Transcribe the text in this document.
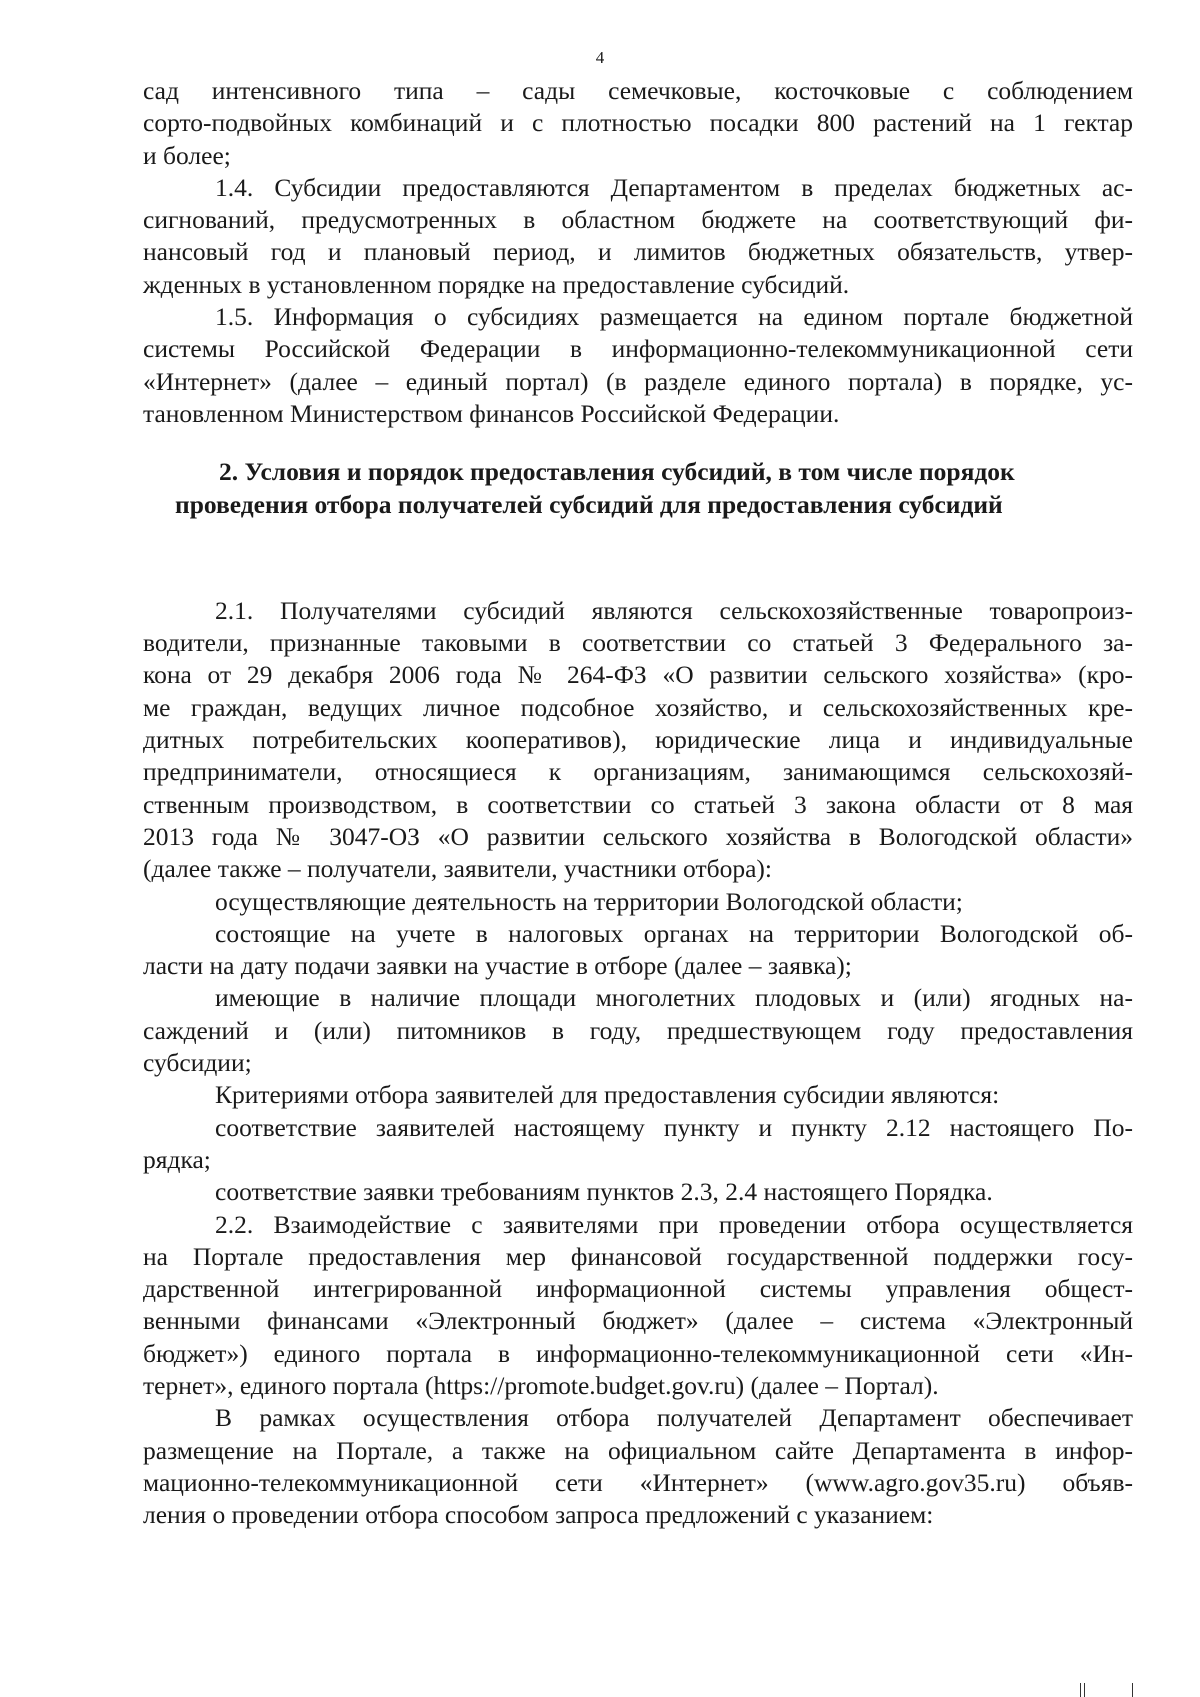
4
сад интенсивного типа – сады семечковые, косточковые с соблюдением
сорто-подвойных комбинаций и с плотностью посадки 800 растений на 1 гектар
и более;
1.4. Субсидии предоставляются Департаментом в пределах бюджетных ас-
сигнований, предусмотренных в областном бюджете на соответствующий фи-
нансовый год и плановый период, и лимитов бюджетных обязательств, утвер-
жденных в установленном порядке на предоставление субсидий.
1.5. Информация о субсидиях размещается на едином портале бюджетной
системы Российской Федерации в информационно-телекоммуникационной сети
«Интернет» (далее – единый портал) (в разделе единого портала) в порядке, ус-
тановленном Министерством финансов Российской Федерации.
2. Условия и порядок предоставления субсидий, в том числе порядок
проведения отбора получателей субсидий для предоставления субсидий
2.1. Получателями субсидий являются сельскохозяйственные товаропроиз-
водители, признанные таковыми в соответствии со статьей 3 Федерального за-
кона от 29 декабря 2006 года № 264-ФЗ «О развитии сельского хозяйства» (кро-
ме граждан, ведущих личное подсобное хозяйство, и сельскохозяйственных кре-
дитных потребительских кооперативов), юридические лица и индивидуальные
предприниматели, относящиеся к организациям, занимающимся сельскохозяй-
ственным производством, в соответствии со статьей 3 закона области от 8 мая
2013 года № 3047-ОЗ «О развитии сельского хозяйства в Вологодской области»
(далее также – получатели, заявители, участники отбора):
осуществляющие деятельность на территории Вологодской области;
состоящие на учете в налоговых органах на территории Вологодской об-
ласти на дату подачи заявки на участие в отборе (далее – заявка);
имеющие в наличие площади многолетних плодовых и (или) ягодных на-
саждений и (или) питомников в году, предшествующем году предоставления
субсидии;
Критериями отбора заявителей для предоставления субсидии являются:
соответствие заявителей настоящему пункту и пункту 2.12 настоящего По-
рядка;
соответствие заявки требованиям пунктов 2.3, 2.4 настоящего Порядка.
2.2. Взаимодействие с заявителями при проведении отбора осуществляется
на Портале предоставления мер финансовой государственной поддержки госу-
дарственной интегрированной информационной системы управления общест-
венными финансами «Электронный бюджет» (далее – система «Электронный
бюджет») единого портала в информационно-телекоммуникационной сети «Ин-
тернет», единого портала (https://promote.budget.gov.ru) (далее – Портал).
В рамках осуществления отбора получателей Департамент обеспечивает
размещение на Портале, а также на официальном сайте Департамента в инфор-
мационно-телекоммуникационной сети «Интернет» (www.agro.gov35.ru) объяв-
ления о проведении отбора способом запроса предложений с указанием:
